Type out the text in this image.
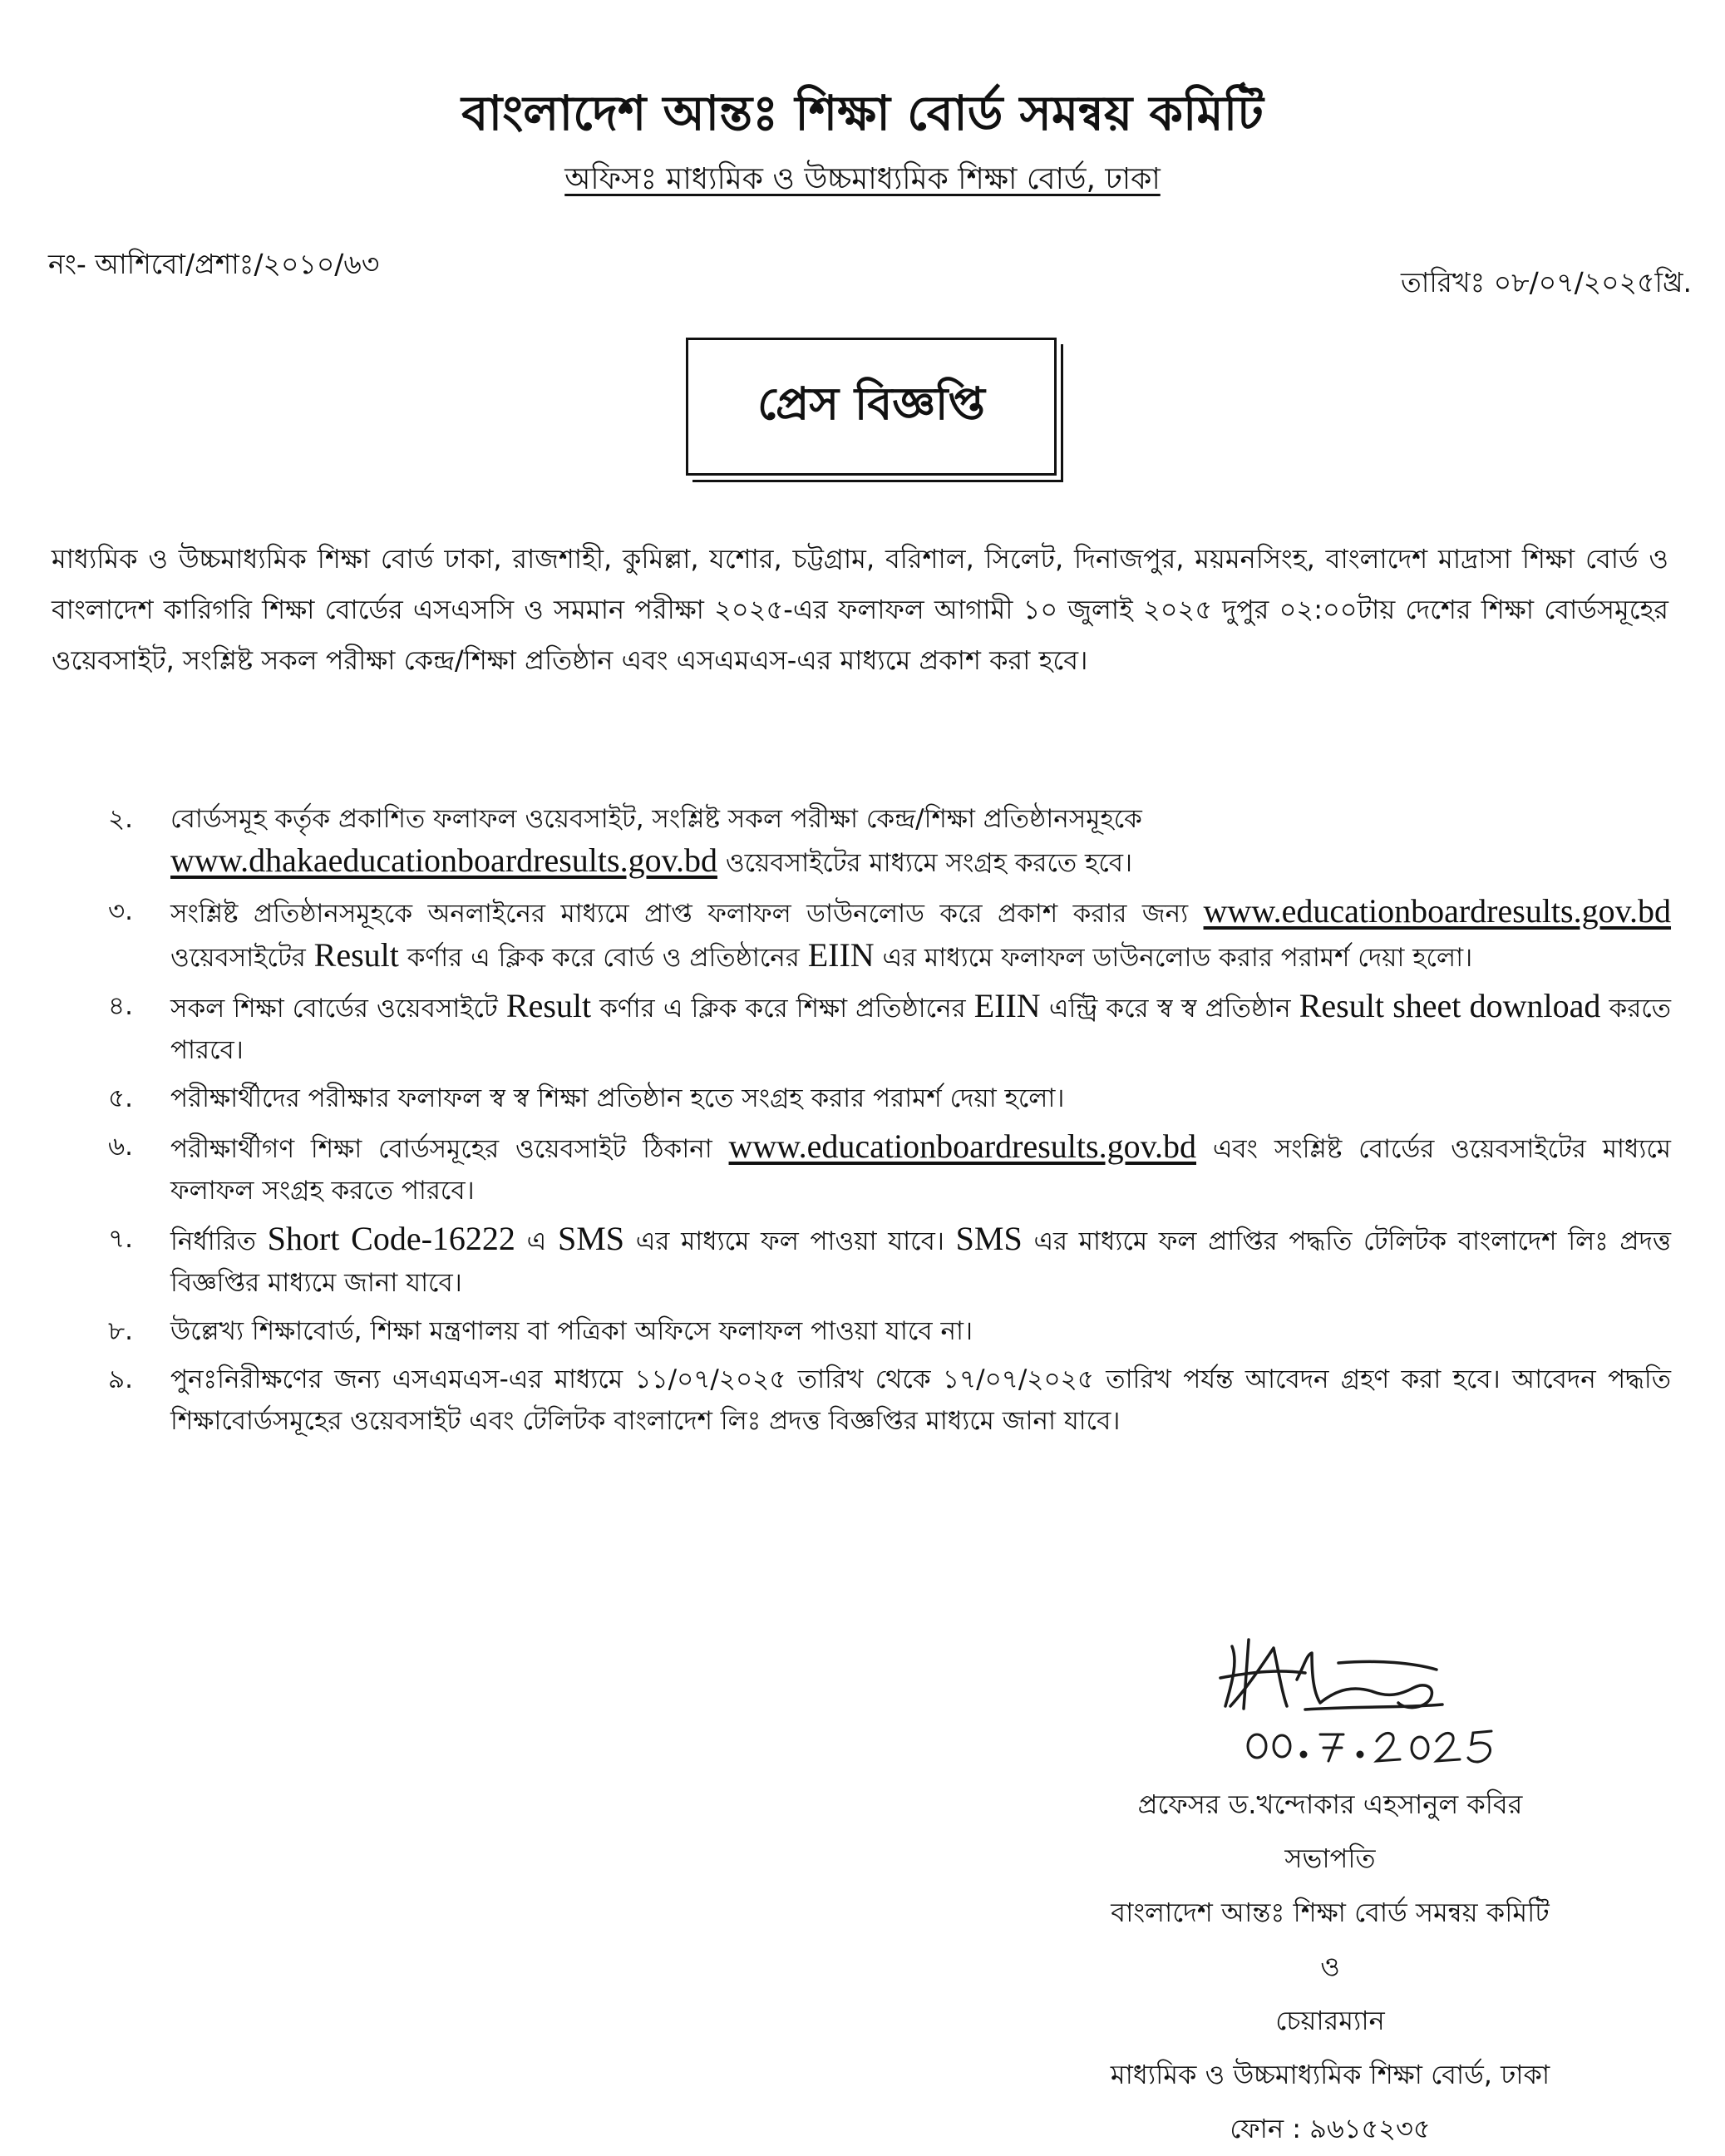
বাংলাদেশ আন্তঃ শিক্ষা বোর্ড সমন্বয় কমিটি
অফিসঃ মাধ্যমিক ও উচ্চমাধ্যমিক শিক্ষা বোর্ড, ঢাকা
নং- আশিবো/প্রশাঃ/২০১০/৬৩
তারিখঃ ০৮/০৭/২০২৫খ্রি.
প্রেস বিজ্ঞপ্তি
মাধ্যমিক ও উচ্চমাধ্যমিক শিক্ষা বোর্ড ঢাকা, রাজশাহী, কুমিল্লা, যশোর, চট্টগ্রাম, বরিশাল, সিলেট, দিনাজপুর, ময়মনসিংহ, বাংলাদেশ মাদ্রাসা শিক্ষা বোর্ড ও বাংলাদেশ কারিগরি শিক্ষা বোর্ডের এসএসসি ও সমমান পরীক্ষা ২০২৫-এর ফলাফল আগামী ১০ জুলাই ২০২৫ দুপুর ০২:০০টায় দেশের শিক্ষা বোর্ডসমূহের ওয়েবসাইট, সংশ্লিষ্ট সকল পরীক্ষা কেন্দ্র/শিক্ষা প্রতিষ্ঠান এবং এসএমএস-এর মাধ্যমে প্রকাশ করা হবে।
২. বোর্ডসমূহ কর্তৃক প্রকাশিত ফলাফল ওয়েবসাইট, সংশ্লিষ্ট সকল পরীক্ষা কেন্দ্র/শিক্ষা প্রতিষ্ঠানসমূহকে
www.dhakaeducationboardresults.gov.bd ওয়েবসাইটের মাধ্যমে সংগ্রহ করতে হবে।
৩. সংশ্লিষ্ট প্রতিষ্ঠানসমূহকে অনলাইনের মাধ্যমে প্রাপ্ত ফলাফল ডাউনলোড করে প্রকাশ করার জন্য www.educationboardresults.gov.bd ওয়েবসাইটের Result কর্ণার এ ক্লিক করে বোর্ড ও প্রতিষ্ঠানের EIIN এর মাধ্যমে ফলাফল ডাউনলোড করার পরামর্শ দেয়া হলো।
৪. সকল শিক্ষা বোর্ডের ওয়েবসাইটে Result কর্ণার এ ক্লিক করে শিক্ষা প্রতিষ্ঠানের EIIN এন্ট্রি করে স্ব স্ব প্রতিষ্ঠান Result sheet download করতে পারবে।
৫. পরীক্ষার্থীদের পরীক্ষার ফলাফল স্ব স্ব শিক্ষা প্রতিষ্ঠান হতে সংগ্রহ করার পরামর্শ দেয়া হলো।
৬. পরীক্ষার্থীগণ শিক্ষা বোর্ডসমূহের ওয়েবসাইট ঠিকানা www.educationboardresults.gov.bd এবং সংশ্লিষ্ট বোর্ডের ওয়েবসাইটের মাধ্যমে ফলাফল সংগ্রহ করতে পারবে।
৭. নির্ধারিত Short Code-16222 এ SMS এর মাধ্যমে ফল পাওয়া যাবে। SMS এর মাধ্যমে ফল প্রাপ্তির পদ্ধতি টেলিটক বাংলাদেশ লিঃ প্রদত্ত বিজ্ঞপ্তির মাধ্যমে জানা যাবে।
৮. উল্লেখ্য শিক্ষাবোর্ড, শিক্ষা মন্ত্রণালয় বা পত্রিকা অফিসে ফলাফল পাওয়া যাবে না।
৯. পুনঃনিরীক্ষণের জন্য এসএমএস-এর মাধ্যমে ১১/০৭/২০২৫ তারিখ থেকে ১৭/০৭/২০২৫ তারিখ পর্যন্ত আবেদন গ্রহণ করা হবে। আবেদন পদ্ধতি শিক্ষাবোর্ডসমূহের ওয়েবসাইট এবং টেলিটক বাংলাদেশ লিঃ প্রদত্ত বিজ্ঞপ্তির মাধ্যমে জানা যাবে।
প্রফেসর ড.খন্দোকার এহসানুল কবির
সভাপতি
বাংলাদেশ আন্তঃ শিক্ষা বোর্ড সমন্বয় কমিটি
ও
চেয়ারম্যান
মাধ্যমিক ও উচ্চমাধ্যমিক শিক্ষা বোর্ড, ঢাকা
ফোন : ৯৬১৫২৩৫
